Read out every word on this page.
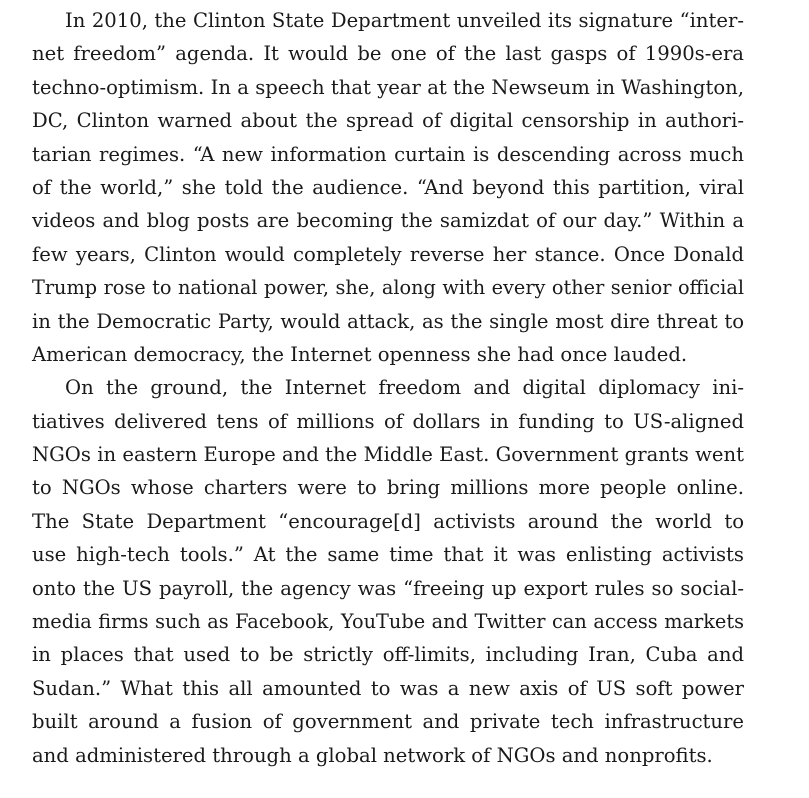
In 2010, the Clinton State Department unveiled its signature “inter-
net freedom” agenda. It would be one of the last gasps of 1990s-era
techno-optimism. In a speech that year at the Newseum in Washington,
DC, Clinton warned about the spread of digital censorship in authori-
tarian regimes. “A new information curtain is descending across much
of the world,” she told the audience. “And beyond this partition, viral
videos and blog posts are becoming the samizdat of our day.” Within a
few years, Clinton would completely reverse her stance. Once Donald
Trump rose to national power, she, along with every other senior official
in the Democratic Party, would attack, as the single most dire threat to
American democracy, the Internet openness she had once lauded.
On the ground, the Internet freedom and digital diplomacy ini-
tiatives delivered tens of millions of dollars in funding to US-aligned
NGOs in eastern Europe and the Middle East. Government grants went
to NGOs whose charters were to bring millions more people online.
The State Department “encourage[d] activists around the world to
use high-tech tools.” At the same time that it was enlisting activists
onto the US payroll, the agency was “freeing up export rules so social-
media firms such as Facebook, YouTube and Twitter can access markets
in places that used to be strictly off-limits, including Iran, Cuba and
Sudan.” What this all amounted to was a new axis of US soft power
built around a fusion of government and private tech infrastructure
and administered through a global network of NGOs and nonprofits.
